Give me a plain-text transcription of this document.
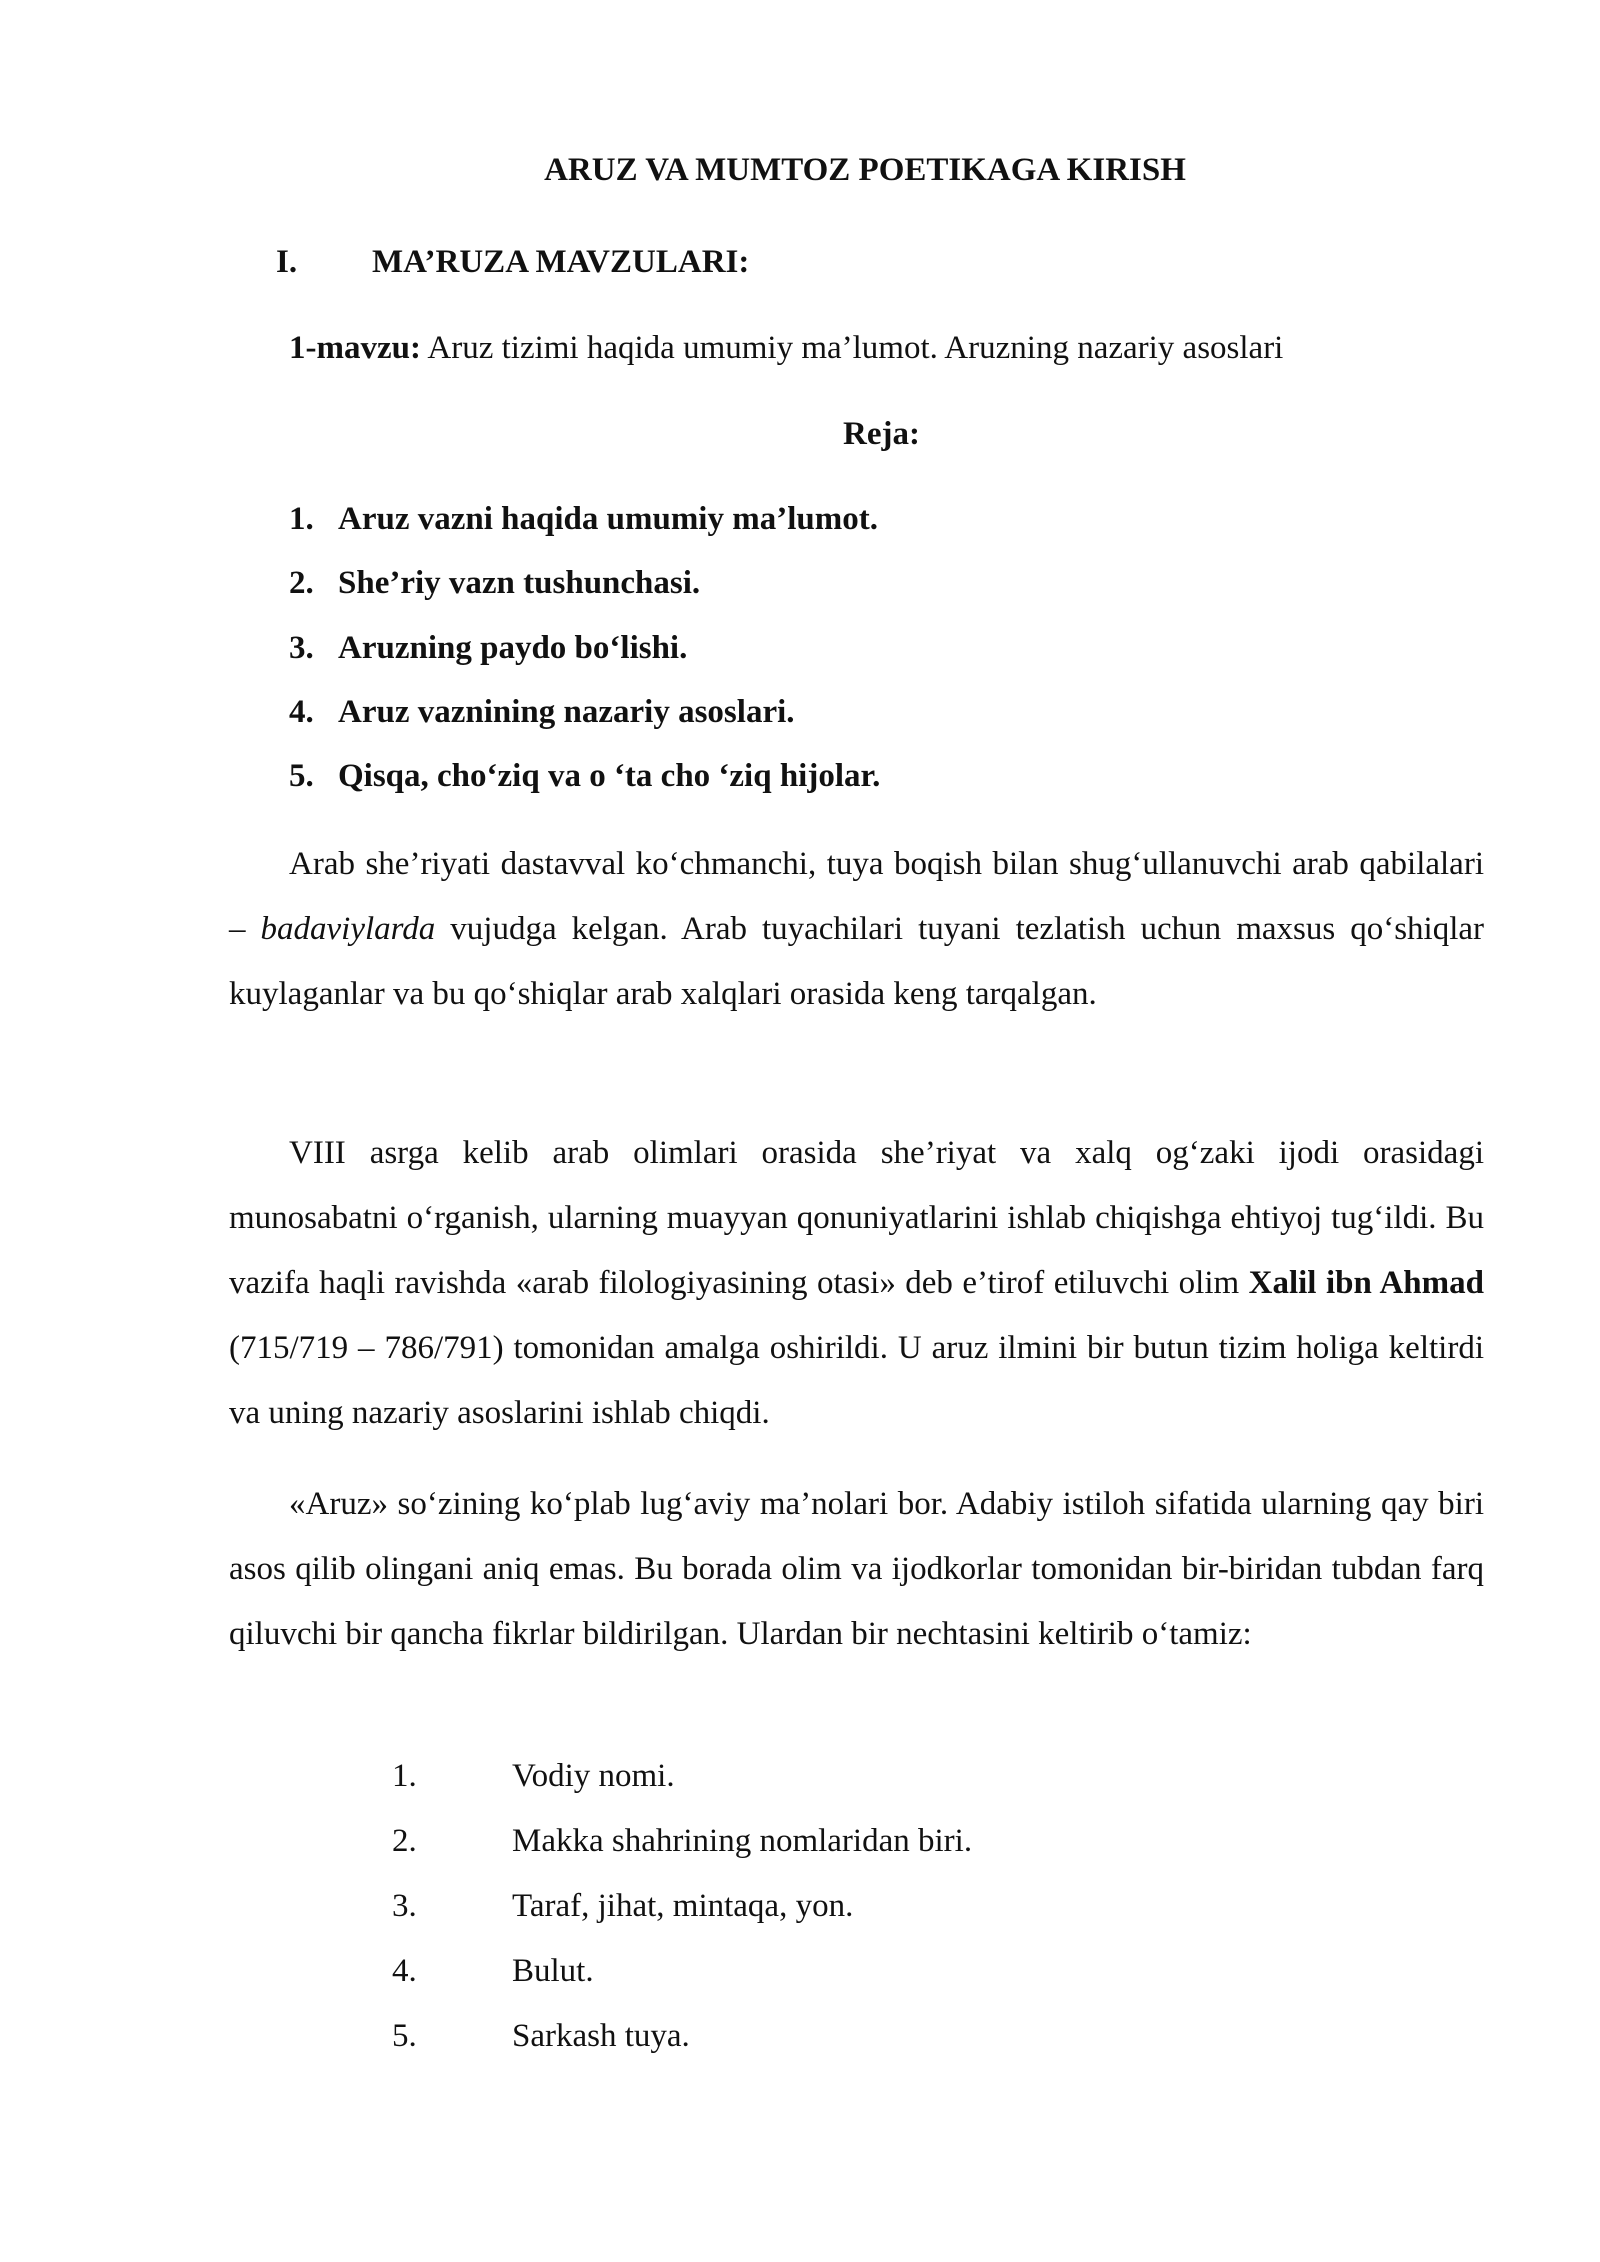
ARUZ VA MUMTOZ POETIKAGA KIRISH
I. MA’RUZA MAVZULARI:
1-mavzu: Aruz tizimi haqida umumiy ma’lumot. Aruzning nazariy asoslari
Reja:
1. Aruz vazni haqida umumiy ma’lumot.
2. She’riy vazn tushunchasi.
3. Aruzning paydo bo‘lishi.
4. Aruz vaznining nazariy asoslari.
5. Qisqa, cho‘ziq va o ‘ta cho ‘ziq hijolar.
Arab she’riyati dastavval ko‘chmanchi, tuya boqish bilan shug‘ullanuvchi arab qabilalari – badaviylarda vujudga kelgan. Arab tuyachilari tuyani tezlatish uchun maxsus qo‘shiqlar kuylaganlar va bu qo‘shiqlar arab xalqlari orasida keng tarqalgan.
VIII asrga kelib arab olimlari orasida she’riyat va xalq og‘zaki ijodi orasidagi munosabatni o‘rganish, ularning muayyan qonuniyatlarini ishlab chiqishga ehtiyoj tug‘ildi. Bu vazifa haqli ravishda «arab filologiyasining otasi» deb e’tirof etiluvchi olim Xalil ibn Ahmad (715/719 – 786/791) tomonidan amalga oshirildi. U aruz ilmini bir butun tizim holiga keltirdi va uning nazariy asoslarini ishlab chiqdi.
«Aruz» so‘zining ko‘plab lug‘aviy ma’nolari bor. Adabiy istiloh sifatida ularning qay biri asos qilib olingani aniq emas. Bu borada olim va ijodkorlar tomonidan bir-biridan tubdan farq qiluvchi bir qancha fikrlar bildirilgan. Ulardan bir nechtasini keltirib o‘tamiz:
1.	Vodiy nomi.
2.	Makka shahrining nomlaridan biri.
3.	Taraf, jihat, mintaqa, yon.
4.	Bulut.
5.	Sarkash tuya.
